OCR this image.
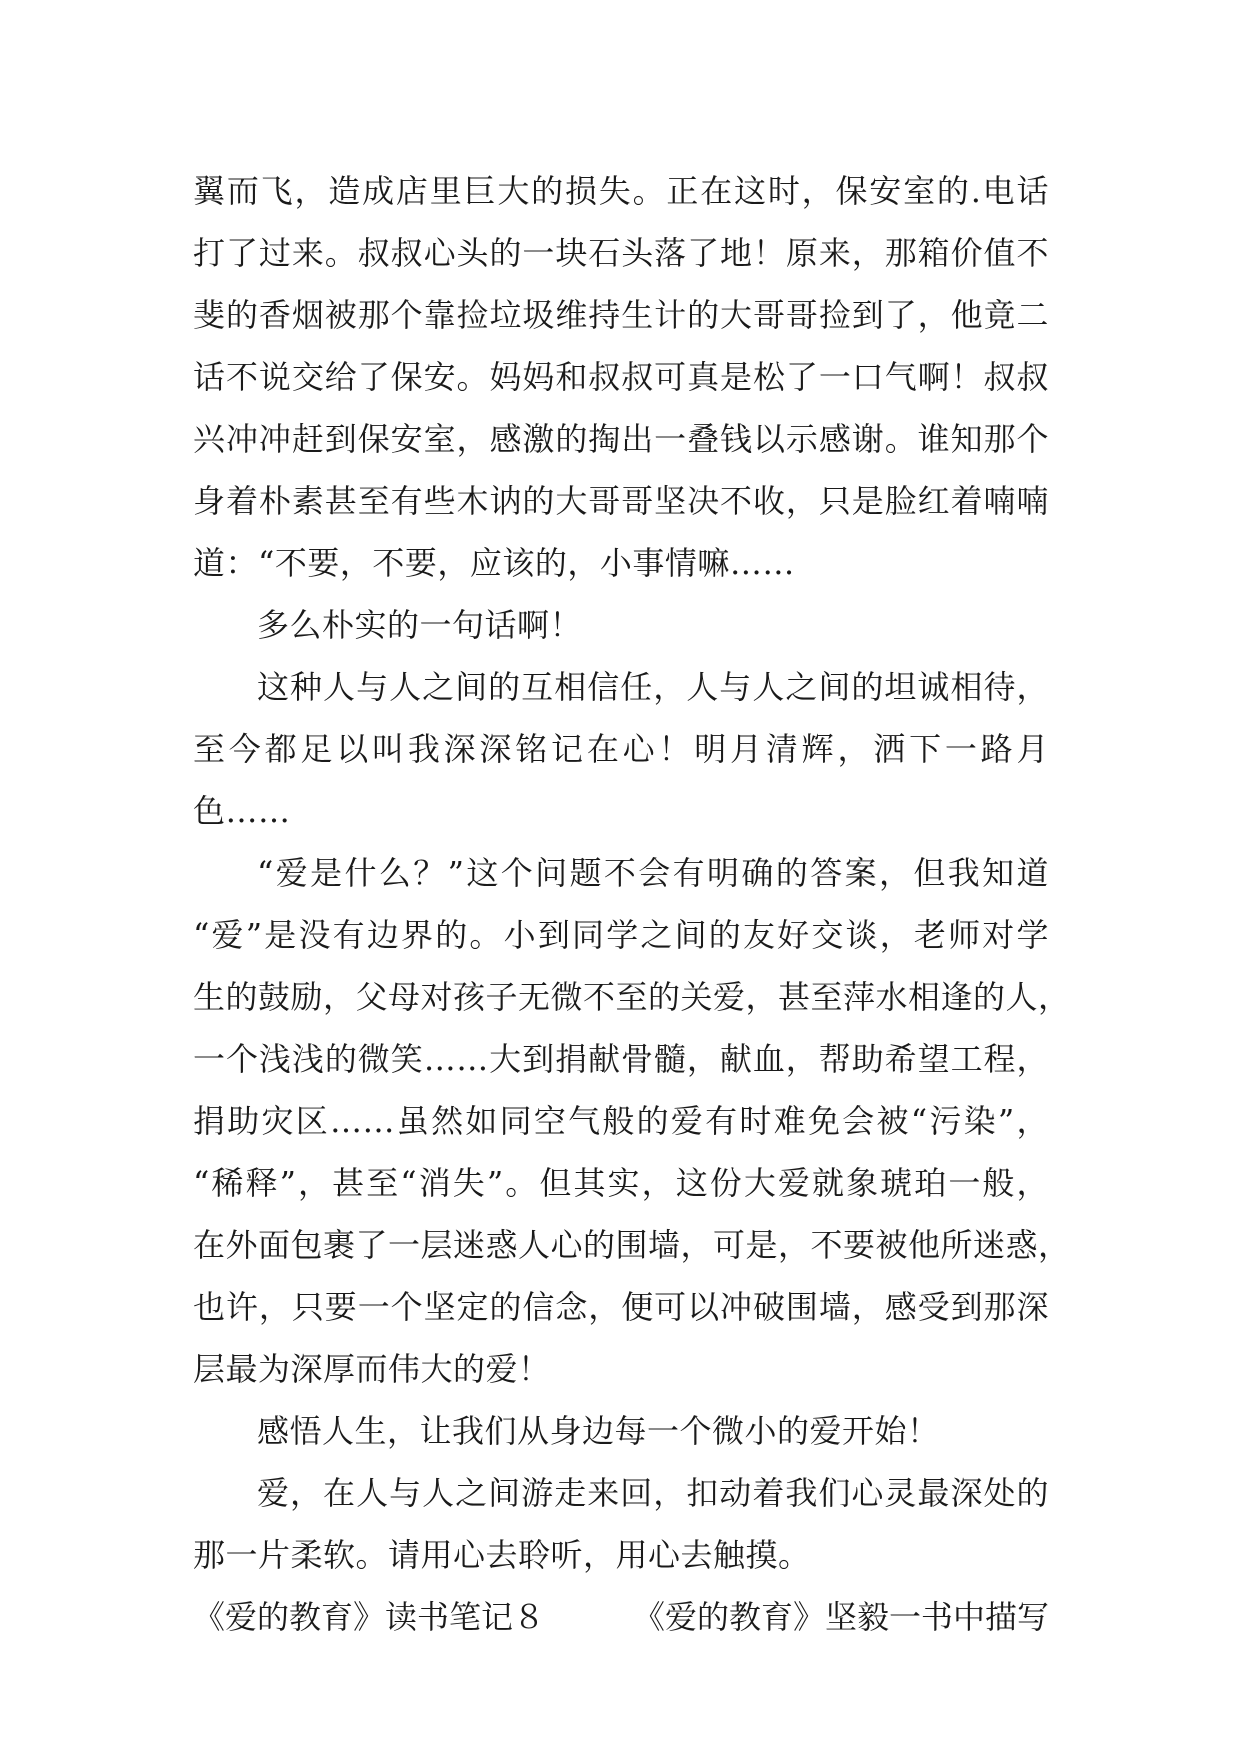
翼而飞，造成店里巨大的损失。正在这时，保安室的.电话
打了过来。叔叔心头的一块石头落了地！原来，那箱价值不
斐的香烟被那个靠捡垃圾维持生计的大哥哥捡到了，他竟二
话不说交给了保安。妈妈和叔叔可真是松了一口气啊！叔叔
兴冲冲赶到保安室，感激的掏出一叠钱以示感谢。谁知那个
身着朴素甚至有些木讷的大哥哥坚决不收，只是脸红着喃喃
道：“不要，不要，应该的，小事情嘛……
多么朴实的一句话啊！
这种人与人之间的互相信任，人与人之间的坦诚相待，
至今都足以叫我深深铭记在心！明月清辉，洒下一路月
色……
“爱是什么？”这个问题不会有明确的答案，但我知道
“爱”是没有边界的。小到同学之间的友好交谈，老师对学
生的鼓励，父母对孩子无微不至的关爱，甚至萍水相逢的人，
一个浅浅的微笑……大到捐献骨髓，献血，帮助希望工程，
捐助灾区……虽然如同空气般的爱有时难免会被“污染”，
“稀释”，甚至“消失”。但其实，这份大爱就象琥珀一般，
在外面包裹了一层迷惑人心的围墙，可是，不要被他所迷惑，
也许，只要一个坚定的信念，便可以冲破围墙，感受到那深
层最为深厚而伟大的爱！
感悟人生，让我们从身边每一个微小的爱开始！
爱，在人与人之间游走来回，扣动着我们心灵最深处的
那一片柔软。请用心去聆听，用心去触摸。
《爱的教育》读书笔记８	《爱的教育》坚毅一书中描写
